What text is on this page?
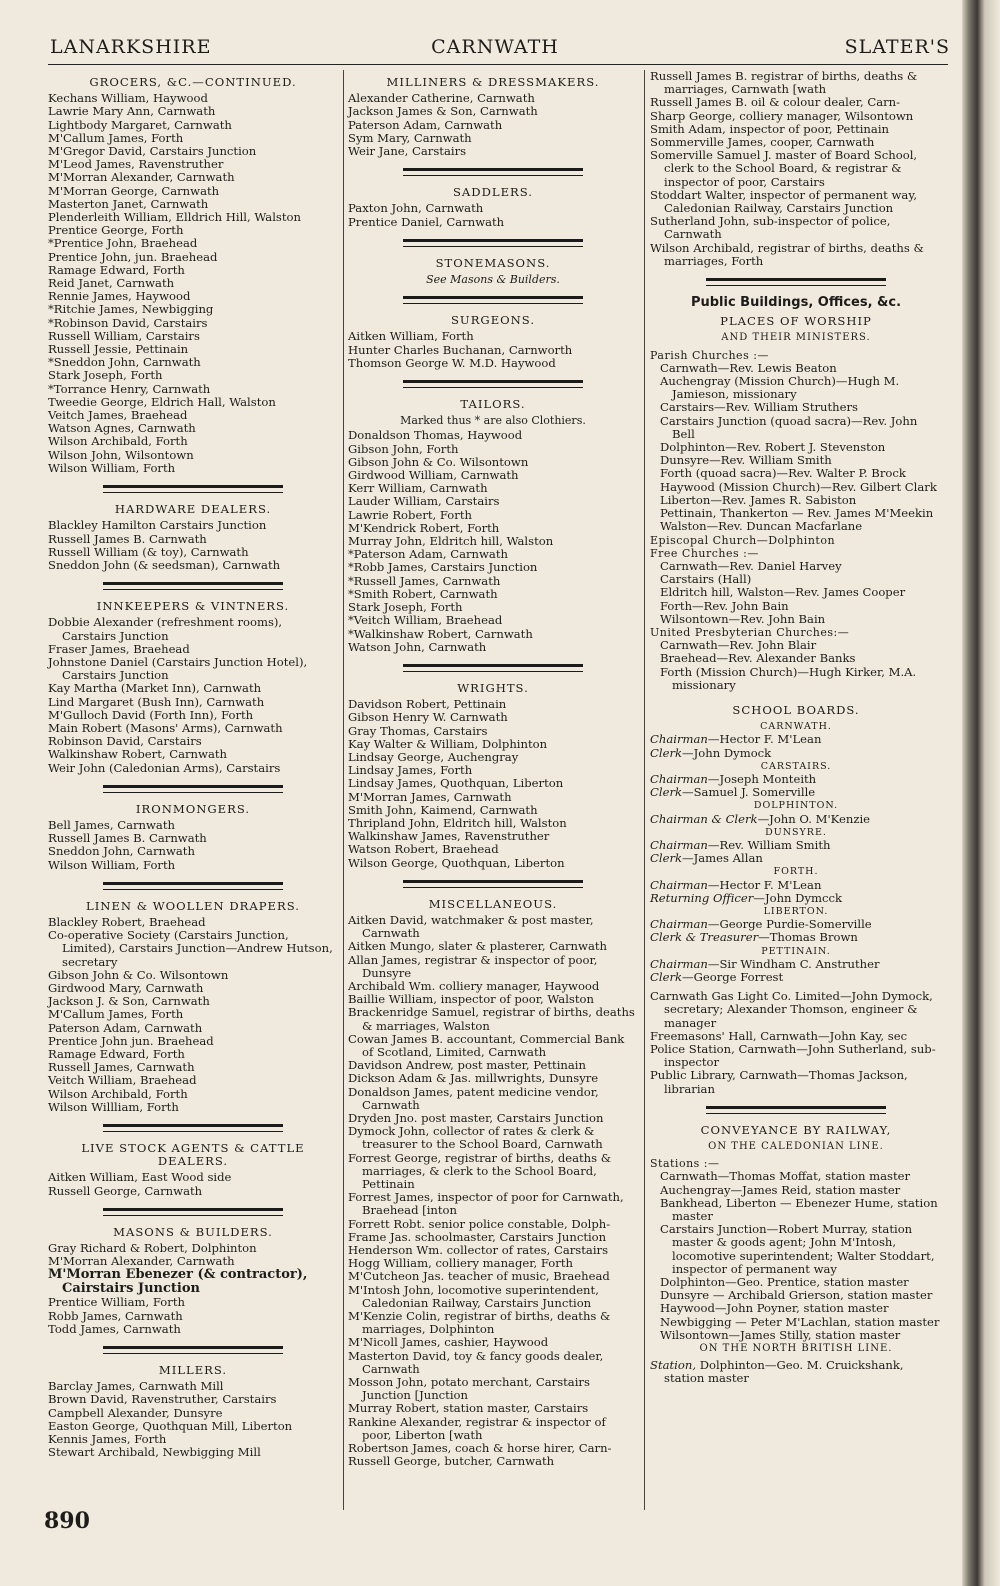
LANARKSHIRE	CARNWATH	SLATER'S
GROCERS, &C.—CONTINUED.

Kechans William, Haywood

Lawrie Mary Ann, Carnwath

Lightbody Margaret, Carnwath

M'Callum James, Forth

M'Gregor David, Carstairs Junction

M'Leod James, Ravenstruther

M'Morran Alexander, Carnwath

M'Morran George, Carnwath

Masterton Janet, Carnwath

Plenderleith William, Elldrich Hill, Walston

Prentice George, Forth

*Prentice John, Braehead

Prentice John, jun. Braehead

Ramage Edward, Forth

Reid Janet, Carnwath

Rennie James, Haywood

*Ritchie James, Newbigging

*Robinson David, Carstairs

Russell William, Carstairs

Russell Jessie, Pettinain

*Sneddon John, Carnwath

Stark Joseph, Forth

*Torrance Henry, Carnwath

Tweedie George, Eldrich Hall, Walston

Veitch James, Braehead

Watson Agnes, Carnwath

Wilson Archibald, Forth

Wilson John, Wilsontown

Wilson William, Forth

HARDWARE DEALERS.

Blackley Hamilton Carstairs Junction

Russell James B. Carnwath

Russell William (& toy), Carnwath

Sneddon John (& seedsman), Carnwath

INNKEEPERS & VINTNERS.

Dobbie Alexander (refreshment rooms), Carstairs Junction

Fraser James, Braehead

Johnstone Daniel (Carstairs Junction Hotel), Carstairs Junction

Kay Martha (Market Inn), Carnwath

Lind Margaret (Bush Inn), Carnwath

M'Gulloch David (Forth Inn), Forth

Main Robert (Masons' Arms), Carnwath

Robinson David, Carstairs

Walkinshaw Robert, Carnwath

Weir John (Caledonian Arms), Carstairs

IRONMONGERS.

Bell James, Carnwath

Russell James B. Carnwath

Sneddon John, Carnwath

Wilson William, Forth

LINEN & WOOLLEN DRAPERS.

Blackley Robert, Braehead

Co-operative Society (Carstairs Junction, Limited), Carstairs Junction—Andrew Hutson, secretary

Gibson John & Co. Wilsontown

Girdwood Mary, Carnwath

Jackson J. & Son, Carnwath

M'Callum James, Forth

Paterson Adam, Carnwath

Prentice John jun. Braehead

Ramage Edward, Forth

Russell James, Carnwath

Veitch William, Braehead

Wilson Archibald, Forth

Wilson Willliam, Forth

LIVE STOCK AGENTS & CATTLE DEALERS.

Aitken William, East Wood side

Russell George, Carnwath

MASONS & BUILDERS.

Gray Richard & Robert, Dolphinton

M'Morran Alexander, Carnwath

M'Morran Ebenezer (& contractor), Cairstairs Junction

Prentice William, Forth

Robb James, Carnwath

Todd James, Carnwath

MILLERS.

Barclay James, Carnwath Mill

Brown David, Ravenstruther, Carstairs

Campbell Alexander, Dunsyre

Easton George, Quothquan Mill, Liberton

Kennis James, Forth

Stewart Archibald, Newbigging Mill

MILLINERS & DRESSMAKERS.

Alexander Catherine, Carnwath

Jackson James & Son, Carnwath

Paterson Adam, Carnwath

Sym Mary, Carnwath

Weir Jane, Carstairs

SADDLERS.

Paxton John, Carnwath

Prentice Daniel, Carnwath

STONEMASONS.
See Masons & Builders.
SURGEONS.

Aitken William, Forth

Hunter Charles Buchanan, Carnworth

Thomson George W. M.D. Haywood

TAILORS.
Marked thus * are also Clothiers.

Donaldson Thomas, Haywood

Gibson John, Forth

Gibson John & Co. Wilsontown

Girdwood William, Carnwath

Kerr William, Carnwath

Lauder William, Carstairs

Lawrie Robert, Forth

M'Kendrick Robert, Forth

Murray John, Eldritch hill, Walston

*Paterson Adam, Carnwath

*Robb James, Carstairs Junction

*Russell James, Carnwath

*Smith Robert, Carnwath

Stark Joseph, Forth

*Veitch William, Braehead

*Walkinshaw Robert, Carnwath

Watson John, Carnwath

WRIGHTS.

Davidson Robert, Pettinain

Gibson Henry W. Carnwath

Gray Thomas, Carstairs

Kay Walter & William, Dolphinton

Lindsay George, Auchengray

Lindsay James, Forth

Lindsay James, Quothquan, Liberton

M'Morran James, Carnwath

Smith John, Kaimend, Carnwath

Thripland John, Eldritch hill, Walston

Walkinshaw James, Ravenstruther

Watson Robert, Braehead

Wilson George, Quothquan, Liberton

MISCELLANEOUS.

Aitken David, watchmaker & post master, Carnwath

Aitken Mungo, slater & plasterer, Carnwath

Allan James, registrar & inspector of poor, Dunsyre

Archibald Wm. colliery manager, Haywood

Baillie William, inspector of poor, Walston

Brackenridge Samuel, registrar of births, deaths & marriages, Walston

Cowan James B. accountant, Commercial Bank of Scotland, Limited, Carnwath

Davidson Andrew, post master, Pettinain

Dickson Adam & Jas. millwrights, Dunsyre

Donaldson James, patent medicine vendor, Carnwath

Dryden Jno. post master, Carstairs Junction

Dymock John, collector of rates & clerk & treasurer to the School Board, Carnwath

Forrest George, registrar of births, deaths & marriages, & clerk to the School Board, Pettinain

Forrest James, inspector of poor for Carnwath, Braehead [inton

Forrett Robt. senior police constable, Dolph-

Frame Jas. schoolmaster, Carstairs Junction

Henderson Wm. collector of rates, Carstairs

Hogg William, colliery manager, Forth

M'Cutcheon Jas. teacher of music, Braehead

M'Intosh John, locomotive superintendent, Caledonian Railway, Carstairs Junction

M'Kenzie Colin, registrar of births, deaths & marriages, Dolphinton

M'Nicoll James, cashier, Haywood

Masterton David, toy & fancy goods dealer, Carnwath

Mosson John, potato merchant, Carstairs Junction [Junction

Murray Robert, station master, Carstairs

Rankine Alexander, registrar & inspector of poor, Liberton [wath

Robertson James, coach & horse hirer, Carn-

Russell George, butcher, Carnwath

Russell James B. registrar of births, deaths & marriages, Carnwath [wath

Russell James B. oil & colour dealer, Carn-

Sharp George, colliery manager, Wilsontown

Smith Adam, inspector of poor, Pettinain

Sommerville James, cooper, Carnwath

Somerville Samuel J. master of Board School, clerk to the School Board, & registrar & inspector of poor, Carstairs

Stoddart Walter, inspector of permanent way, Caledonian Railway, Carstairs Junction

Sutherland John, sub-inspector of police, Carnwath

Wilson Archibald, registrar of births, deaths & marriages, Forth

Public Buildings, Offices, &c.
PLACES OF WORSHIP
AND THEIR MINISTERS.

Parish Churches :—

Carnwath—Rev. Lewis Beaton

Auchengray (Mission Church)—Hugh M. Jamieson, missionary

Carstairs—Rev. William Struthers

Carstairs Junction (quoad sacra)—Rev. John Bell

Dolphinton—Rev. Robert J. Stevenston

Dunsyre—Rev. William Smith

Forth (quoad sacra)—Rev. Walter P. Brock

Haywood (Mission Church)—Rev. Gilbert Clark

Liberton—Rev. James R. Sabiston

Pettinain, Thankerton — Rev. James M'Meekin

Walston—Rev. Duncan Macfarlane

Episcopal Church—Dolphinton

Free Churches :—

Carnwath—Rev. Daniel Harvey

Carstairs (Hall)

Eldritch hill, Walston—Rev. James Cooper

Forth—Rev. John Bain

Wilsontown—Rev. John Bain

United Presbyterian Churches:—

Carnwath—Rev. John Blair

Braehead—Rev. Alexander Banks

Forth (Mission Church)—Hugh Kirker, M.A. missionary

SCHOOL BOARDS.
CARNWATH.

Chairman—Hector F. M'Lean

Clerk—John Dymock

CARSTAIRS.

Chairman—Joseph Monteith

Clerk—Samuel J. Somerville

DOLPHINTON.

Chairman & Clerk—John O. M'Kenzie

DUNSYRE.

Chairman—Rev. William Smith

Clerk—James Allan

FORTH.

Chairman—Hector F. M'Lean

Returning Officer—John Dymcck

LIBERTON.

Chairman—George Purdie-Somerville

Clerk & Treasurer—Thomas Brown

PETTINAIN.

Chairman—Sir Windham C. Anstruther

Clerk—George Forrest

Carnwath Gas Light Co. Limited—John Dymock, secretary; Alexander Thomson, engineer & manager

Freemasons' Hall, Carnwath—John Kay, sec

Police Station, Carnwath—John Sutherland, sub-inspector

Public Library, Carnwath—Thomas Jackson, librarian

CONVEYANCE BY RAILWAY,
ON THE CALEDONIAN LINE.

Stations :—

Carnwath—Thomas Moffat, station master

Auchengray—James Reid, station master

Bankhead, Liberton — Ebenezer Hume, station master

Carstairs Junction—Robert Murray, station master & goods agent; John M'Intosh, locomotive superintendent; Walter Stoddart, inspector of permanent way

Dolphinton—Geo. Prentice, station master

Dunsyre — Archibald Grierson, station master

Haywood—John Poyner, station master

Newbigging — Peter M'Lachlan, station master

Wilsontown—James Stilly, station master

ON THE NORTH BRITISH LINE.

Station, Dolphinton—Geo. M. Cruickshank, station master

890
